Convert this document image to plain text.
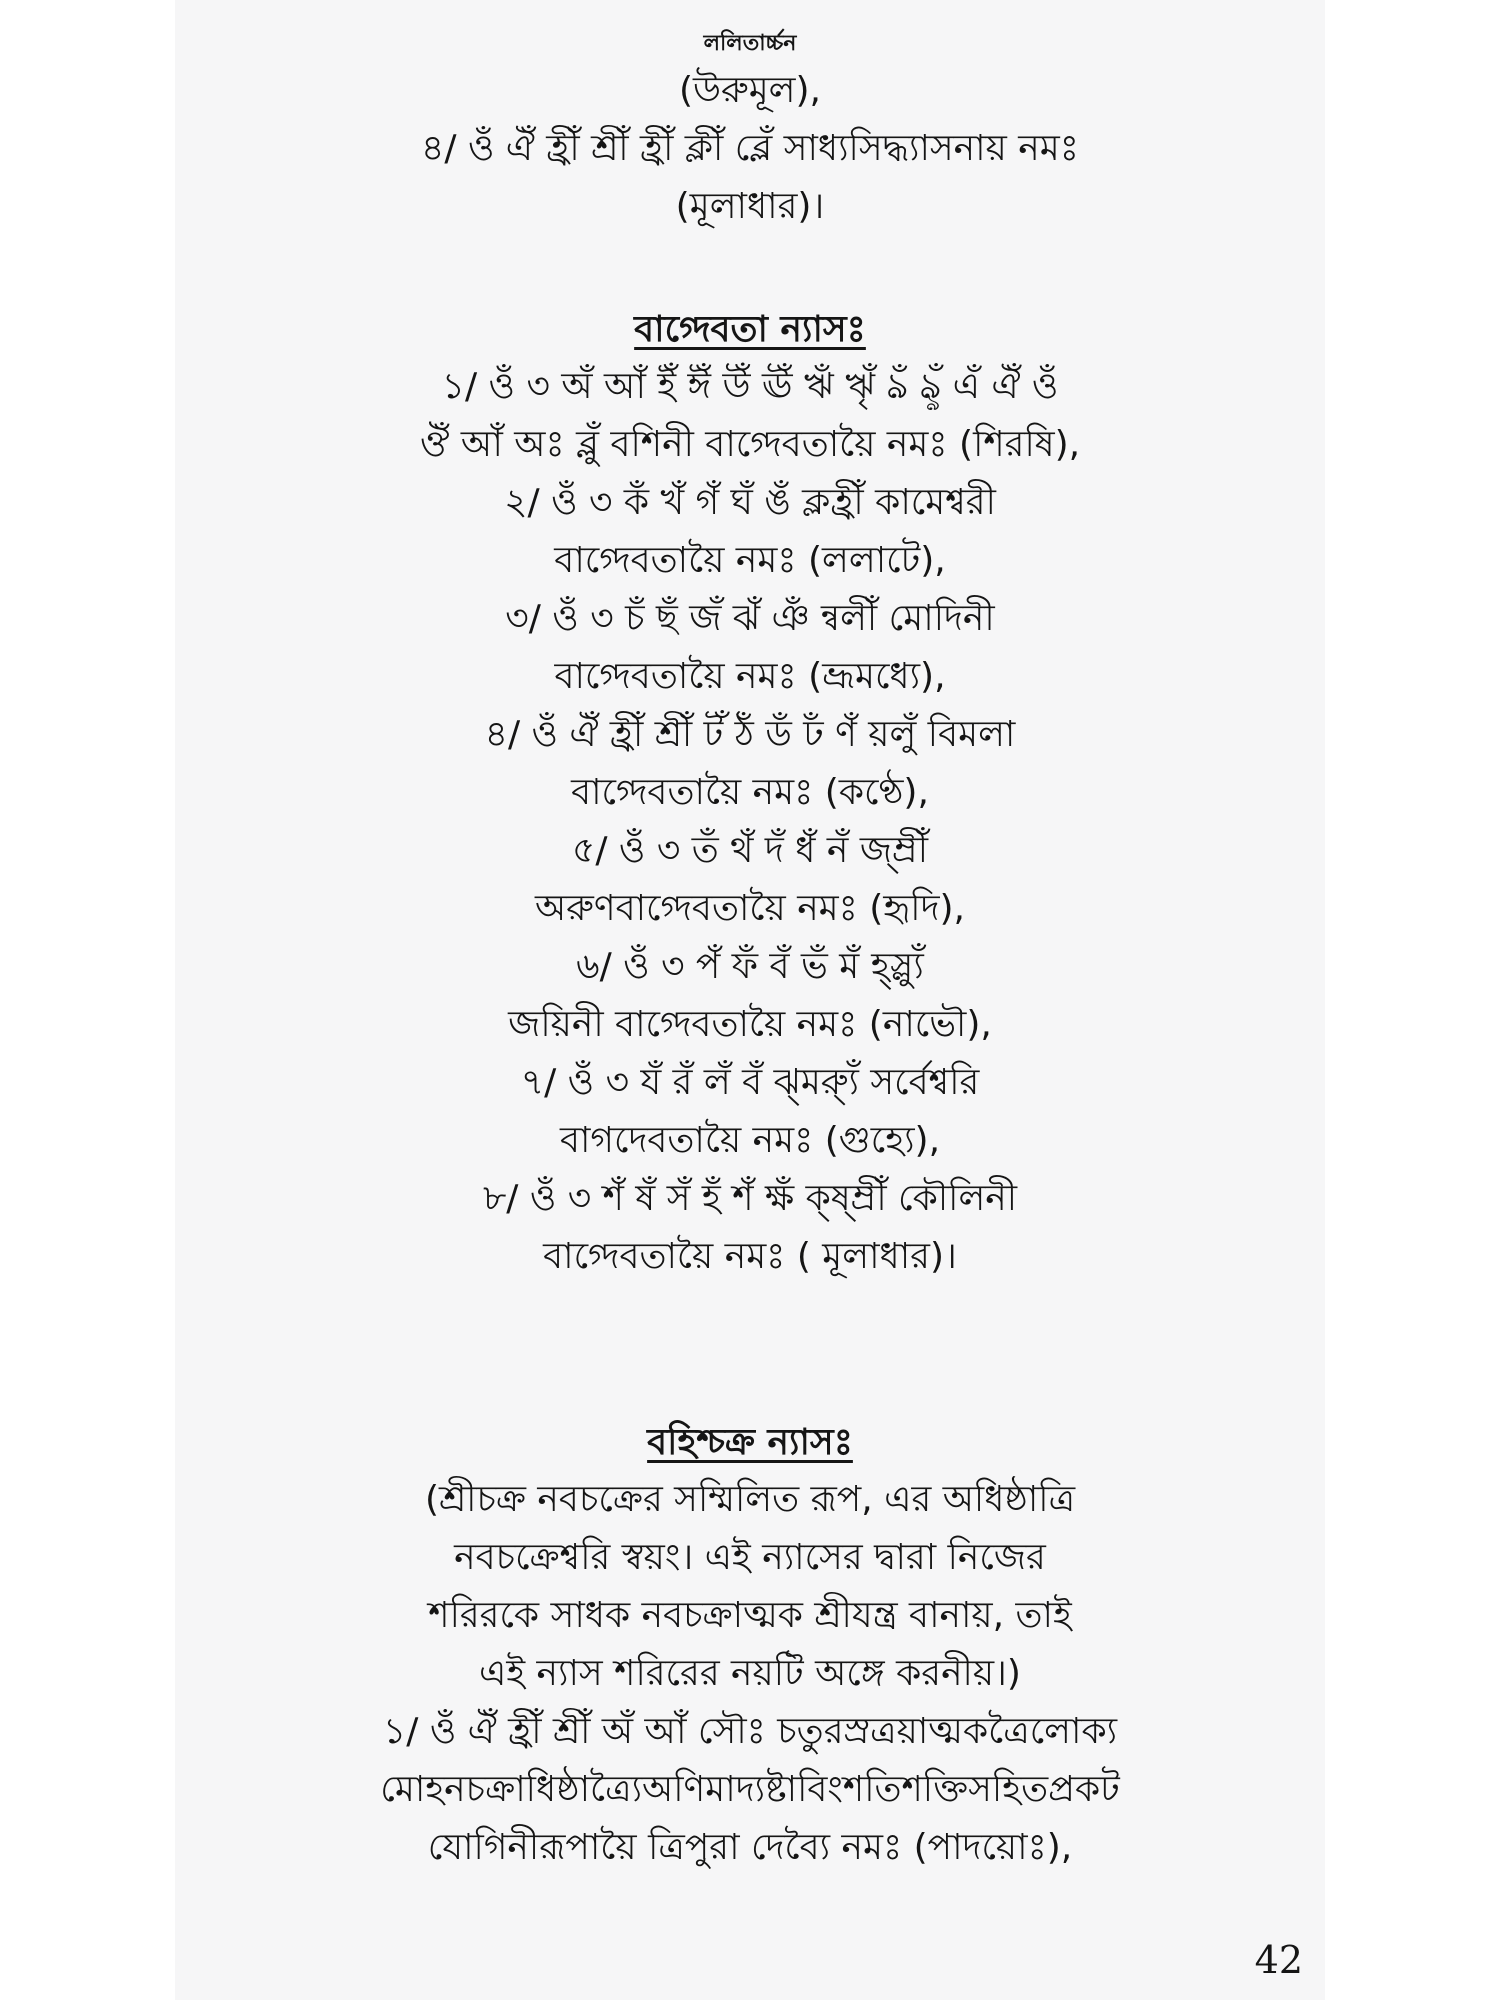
ললিতার্চ্চন
(উরুমূল),
৪/ ওঁ ঐঁ হ্রীঁ শ্রীঁ হ্রীঁ ক্লীঁ ব্লেঁ সাধ্যসিদ্ধ্যাসনায় নমঃ
(মূলাধার)।
বাগ্দেবতা ন্যাসঃ
১/ ওঁ ৩ অঁ আঁ ইঁ ঈঁ উঁ ঊঁ ঋঁ ৠঁ ঌঁ ৡঁ এঁ ঐঁ ওঁ
ঔঁ আঁ অঃ ব্লুঁ বশিনী বাগ্দেবতায়ৈ নমঃ (শিরষি),
২/ ওঁ ৩ কঁ খঁ গঁ ঘঁ ঙঁ ক্লহ্রীঁ কামেশ্বরী
বাগ্দেবতায়ৈ নমঃ (ললাটে),
৩/ ওঁ ৩ চঁ ছঁ জঁ ঝঁ ঞঁ ন্বলীঁ মোদিনী
বাগ্দেবতায়ৈ নমঃ (ভ্রূমধ্যে),
৪/ ওঁ ঐঁ হ্রীঁ শ্রীঁ টঁ ঠঁ ডঁ ঢঁ ণঁ য়লুঁ বিমলা
বাগ্দেবতায়ৈ নমঃ (কণ্ঠে),
৫/ ওঁ ৩ তঁ থঁ দঁ ধঁ নঁ জ্ম্রীঁ
অরুণবাগ্দেবতায়ৈ নমঃ (হৃদি),
৬/ ওঁ ৩ পঁ ফঁ বঁ ভঁ মঁ হ্স্ল্যুঁ
জয়িনী বাগ্দেবতায়ৈ নমঃ (নাভৌ),
৭/ ওঁ ৩ যঁ রঁ লঁ বঁ ঝ্ম্র্যুঁ সর্বেশ্বরি
বাগদেবতায়ৈ নমঃ (গুহ্যে),
৮/ ওঁ ৩ শঁ ষঁ সঁ হঁ শঁ ক্ষঁ ক্ষ্ম্রীঁ কৌলিনী
বাগ্দেবতায়ৈ নমঃ ( মূলাধার)।
বহিশ্চক্র ন্যাসঃ
(শ্রীচক্র নবচক্রের সম্মিলিত রূপ, এর অধিষ্ঠাত্রি
নবচক্রেশ্বরি স্বয়ং। এই ন্যাসের দ্বারা নিজের
শরিরকে সাধক নবচক্রাত্মক শ্রীযন্ত্র বানায়, তাই
এই ন্যাস শরিরের নয়টি অঙ্গে করনীয়।)
১/ ওঁ ঐঁ হ্রীঁ শ্রীঁ অঁ আঁ সৌঃ চতুরস্রত্রয়াত্মকত্রৈলোক্য
মোহনচক্রাধিষ্ঠাত্র্যৈঅণিমাদ্যষ্টাবিংশতিশক্তিসহিতপ্রকট
যোগিনীরূপায়ৈ ত্রিপুরা দেব্যৈ নমঃ (পাদয়োঃ),
42
